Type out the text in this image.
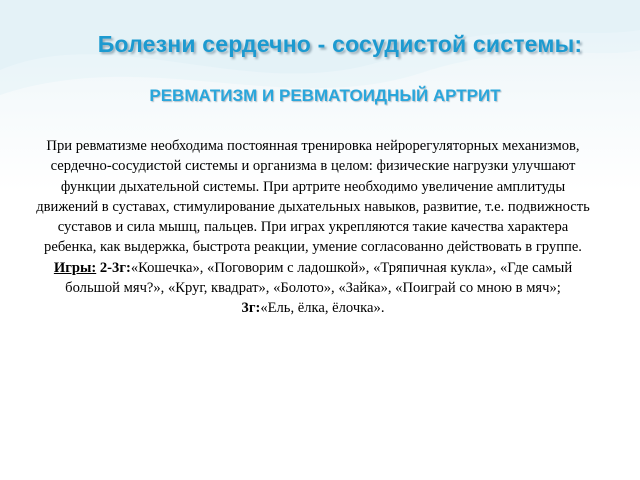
Болезни сердечно - сосудистой системы:
РЕВМАТИЗМ И РЕВМАТОИДНЫЙ АРТРИТ

При ревматизме необходима постоянная тренировка нейрорегуляторных механизмов, сердечно-сосудистой системы и организма в целом: физические нагрузки улучшают функции дыхательной системы. При артрите необходимо увеличение амплитуды движений в суставах, стимулирование дыхательных навыков, развитие, т.е. подвижность суставов и сила мышц, пальцев. При играх укрепляются такие качества характера ребенка, как выдержка, быстрота реакции, умение согласованно действовать в группе.

Игры: 2-3г:«Кошечка», «Поговорим с ладошкой», «Тряпичная кукла», «Где самый большой мяч?», «Круг, квадрат», «Болото», «Зайка», «Поиграй со мною в мяч»;

3г:«Ель, ёлка, ёлочка».
